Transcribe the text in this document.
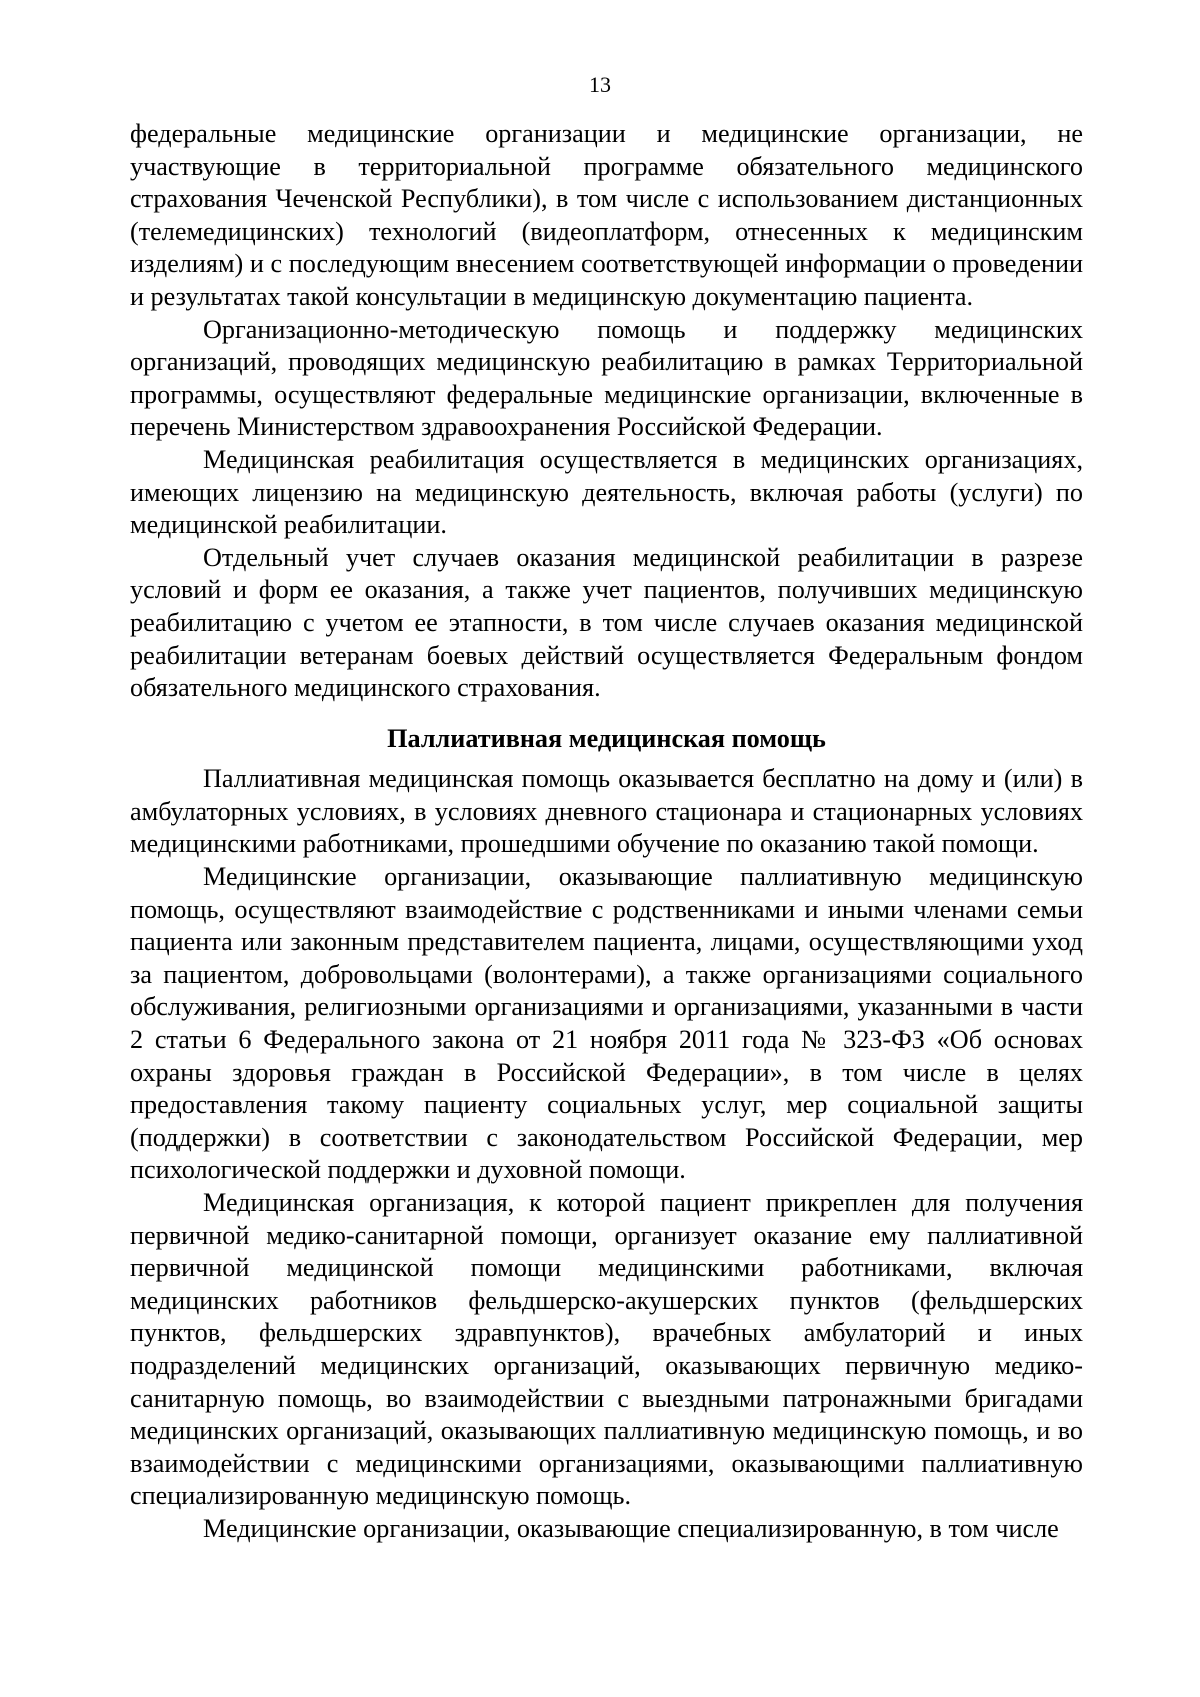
13

федеральные медицинские организации и медицинские организации, не участвующие в территориальной программе обязательного медицинского страхования Чеченской Республики), в том числе с использованием дистанционных (телемедицинских) технологий (видеоплатформ, отнесенных к медицинским изделиям) и с последующим внесением соответствующей информации о проведении и результатах такой консультации в медицинскую документацию пациента.

Организационно-методическую помощь и поддержку медицинских организаций, проводящих медицинскую реабилитацию в рамках Территориальной программы, осуществляют федеральные медицинские организации, включенные в перечень Министерством здравоохранения Российской Федерации.

Медицинская реабилитация осуществляется в медицинских организациях, имеющих лицензию на медицинскую деятельность, включая работы (услуги) по медицинской реабилитации.

Отдельный учет случаев оказания медицинской реабилитации в разрезе условий и форм ее оказания, а также учет пациентов, получивших медицинскую реабилитацию с учетом ее этапности, в том числе случаев оказания медицинской реабилитации ветеранам боевых действий осуществляется Федеральным фондом обязательного медицинского страхования.

Паллиативная медицинская помощь

Паллиативная медицинская помощь оказывается бесплатно на дому и (или) в амбулаторных условиях, в условиях дневного стационара и стационарных условиях медицинскими работниками, прошедшими обучение по оказанию такой помощи.

Медицинские организации, оказывающие паллиативную медицинскую помощь, осуществляют взаимодействие с родственниками и иными членами семьи пациента или законным представителем пациента, лицами, осуществляющими уход за пациентом, добровольцами (волонтерами), а также организациями социального обслуживания, религиозными организациями и организациями, указанными в части 2 статьи 6 Федерального закона от 21 ноября 2011 года № 323-ФЗ «Об основах охраны здоровья граждан в Российской Федерации», в том числе в целях предоставления такому пациенту социальных услуг, мер социальной защиты (поддержки) в соответствии с законодательством Российской Федерации, мер психологической поддержки и духовной помощи.

Медицинская организация, к которой пациент прикреплен для получения первичной медико-санитарной помощи, организует оказание ему паллиативной первичной медицинской помощи медицинскими работниками, включая медицинских работников фельдшерско-акушерских пунктов (фельдшерских пунктов, фельдшерских здравпунктов), врачебных амбулаторий и иных подразделений медицинских организаций, оказывающих первичную медико-санитарную помощь, во взаимодействии с выездными патронажными бригадами медицинских организаций, оказывающих паллиативную медицинскую помощь, и во взаимодействии с медицинскими организациями, оказывающими паллиативную специализированную медицинскую помощь.

Медицинские организации, оказывающие специализированную, в том числе
